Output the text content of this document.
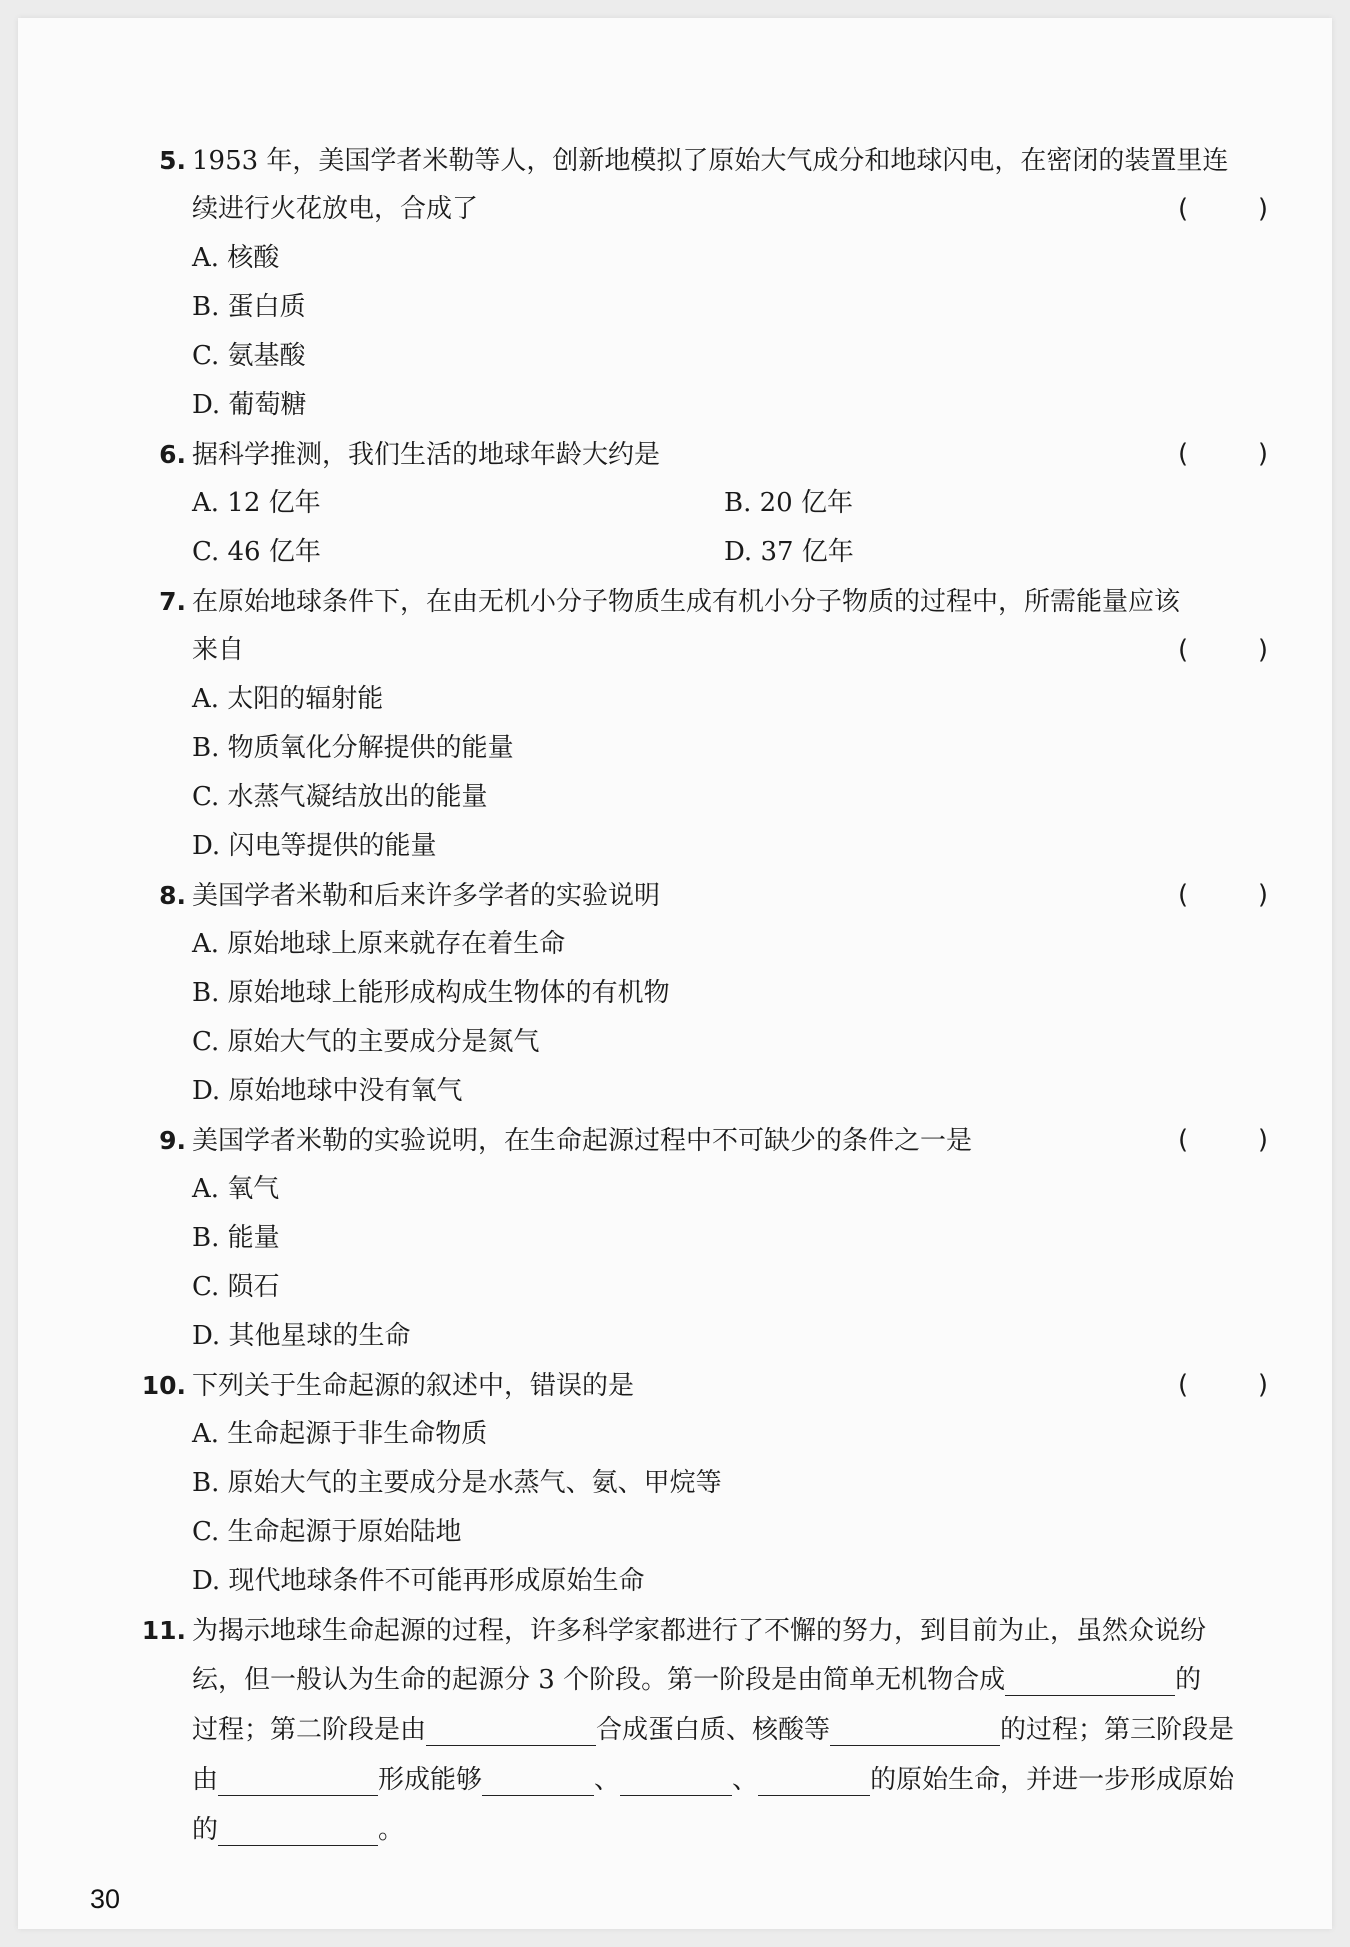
5. 1953 年，美国学者米勒等人，创新地模拟了原始大气成分和地球闪电，在密闭的装置里连
续进行火花放电，合成了	(	)
A. 核酸
B. 蛋白质
C. 氨基酸
D. 葡萄糖
6. 据科学推测，我们生活的地球年龄大约是	(	)
A. 12 亿年	B. 20 亿年
C. 46 亿年	D. 37 亿年
7. 在原始地球条件下，在由无机小分子物质生成有机小分子物质的过程中，所需能量应该
来自	(	)
A. 太阳的辐射能
B. 物质氧化分解提供的能量
C. 水蒸气凝结放出的能量
D. 闪电等提供的能量
8. 美国学者米勒和后来许多学者的实验说明	(	)
A. 原始地球上原来就存在着生命
B. 原始地球上能形成构成生物体的有机物
C. 原始大气的主要成分是氮气
D. 原始地球中没有氧气
9. 美国学者米勒的实验说明，在生命起源过程中不可缺少的条件之一是	(	)
A. 氧气
B. 能量
C. 陨石
D. 其他星球的生命
10. 下列关于生命起源的叙述中，错误的是	(	)
A. 生命起源于非生命物质
B. 原始大气的主要成分是水蒸气、氨、甲烷等
C. 生命起源于原始陆地
D. 现代地球条件不可能再形成原始生命
11. 为揭示地球生命起源的过程，许多科学家都进行了不懈的努力，到目前为止，虽然众说纷
纭，但一般认为生命的起源分 3 个阶段。第一阶段是由简单无机物合成	的
过程；第二阶段是由	合成蛋白质、核酸等	的过程；第三阶段是
由	形成能够	、	、	的原始生命，并进一步形成原始
的	。
30
